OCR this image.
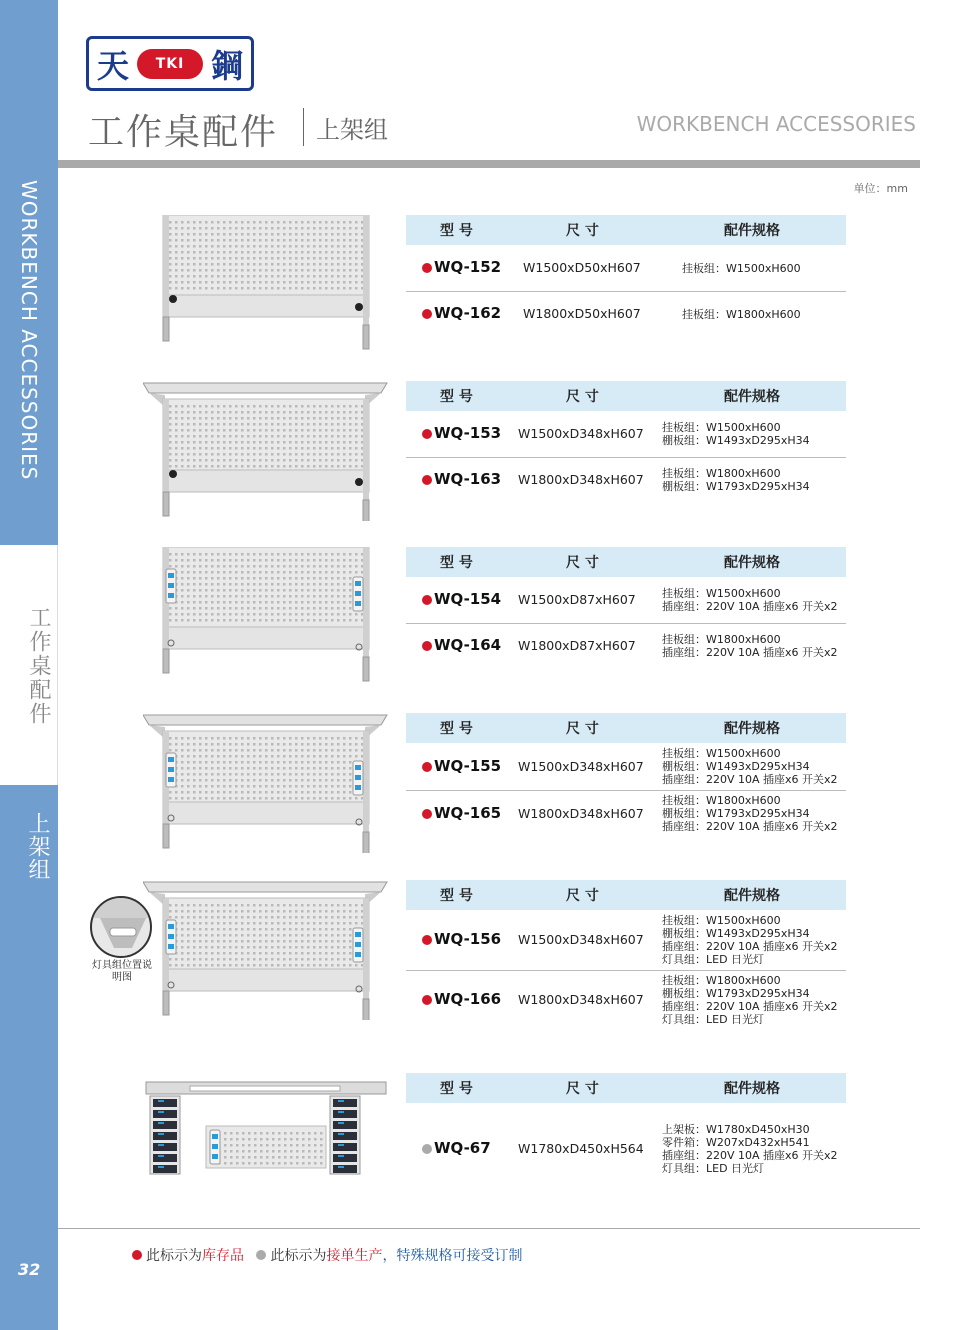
WORKBENCH ACCESSORIES
工作桌配件
上架组
32
天	TKI 鋼
工作桌配件 上架组	WORKBENCH ACCESSORIES
单位：mm
型 号	尺 寸	配件规格
WQ-152 W1500xD50xH607	挂板组：W1500xH600
WQ-162 W1800xD50xH607	挂板组：W1800xH600
型 号	尺 寸	配件规格
WQ-153 W1500xD348xH607 挂板组：W1500xH600
棚板组：W1493xD295xH34
WQ-163 W1800xD348xH607 挂板组：W1800xH600
棚板组：W1793xD295xH34
型 号	尺 寸	配件规格
WQ-154 W1500xD87xH607 挂板组：W1500xH600
插座组：220V 10A 插座x6 开关x2
WQ-164 W1800xD87xH607 挂板组：W1800xH600
插座组：220V 10A 插座x6 开关x2
型 号	尺 寸	配件规格
WQ-155 W1500xD348xH607
挂板组：W1500xH600
棚板组：W1493xD295xH34
插座组：220V 10A 插座x6 开关x2
WQ-165 W1800xD348xH607
挂板组：W1800xH600
棚板组：W1793xD295xH34
插座组：220V 10A 插座x6 开关x2
型 号	尺 寸	配件规格
WQ-156 W1500xD348xH607
挂板组：W1500xH600
棚板组：W1493xD295xH34
插座组：220V 10A 插座x6 开关x2
灯具组：LED 日光灯
WQ-166 W1800xD348xH607
挂板组：W1800xH600
棚板组：W1793xD295xH34
插座组：220V 10A 插座x6 开关x2
灯具组：LED 日光灯
型 号	尺 寸	配件规格
WQ-67 W1780xD450xH564
上架板：W1780xD450xH30
零件箱：W207xD432xH541
插座组：220V 10A 插座x6 开关x2
灯具组：LED 日光灯
灯具组位置说明图
此标示为库存品 此标示为接单生产，特殊规格可接受订制
